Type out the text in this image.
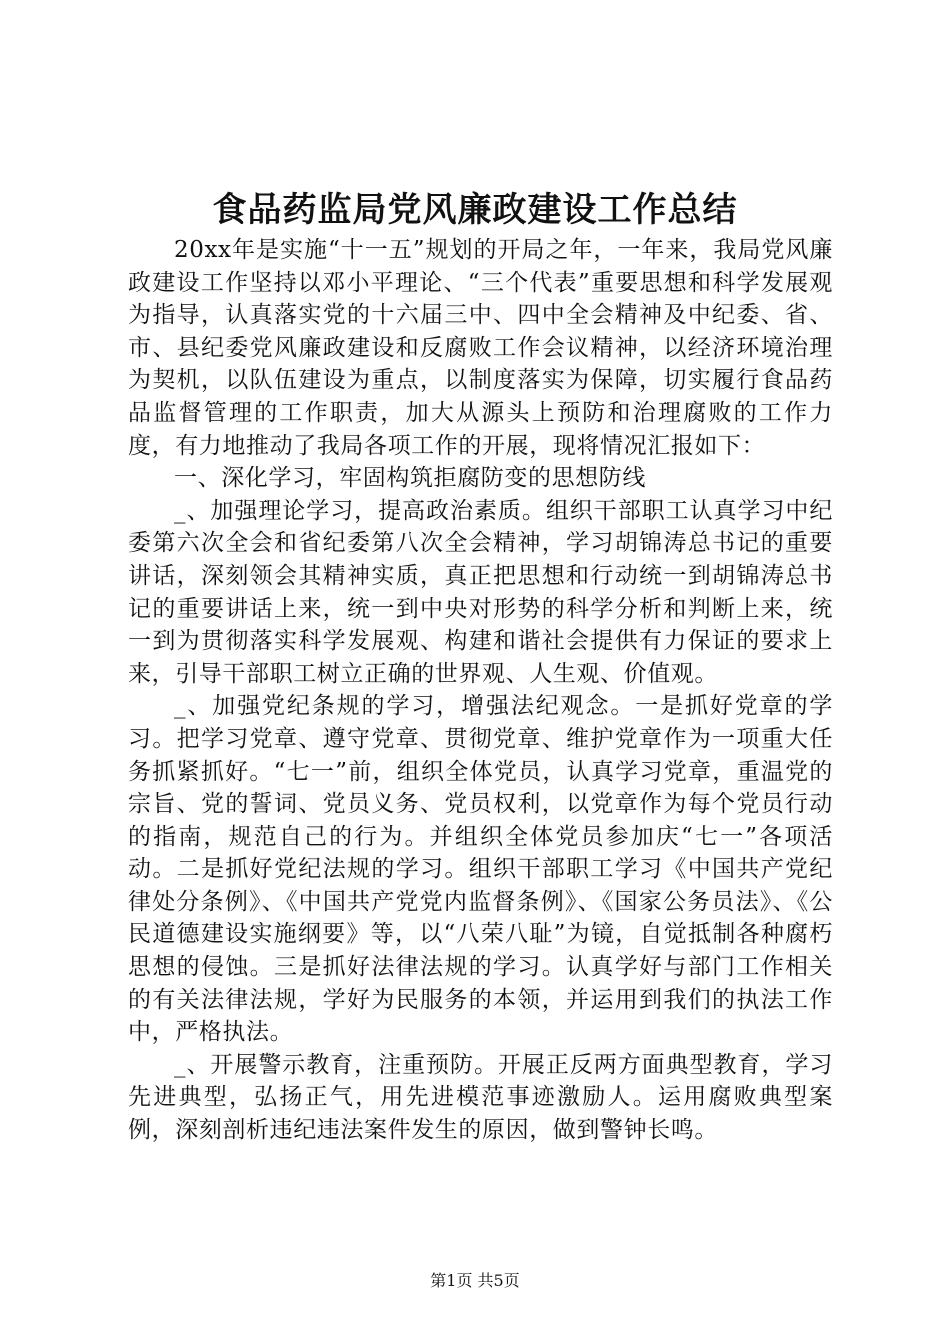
食品药监局党风廉政建设工作总结

20xx年是实施“十一五”规划的开局之年，一年来，我局党风廉政建设工作坚持以邓小平理论、“三个代表”重要思想和科学发展观为指导，认真落实党的十六届三中、四中全会精神及中纪委、省、市、县纪委党风廉政建设和反腐败工作会议精神，以经济环境治理为契机，以队伍建设为重点，以制度落实为保障，切实履行食品药品监督管理的工作职责，加大从源头上预防和治理腐败的工作力度，有力地推动了我局各项工作的开展，现将情况汇报如下：

一、深化学习，牢固构筑拒腐防变的思想防线

_、加强理论学习，提高政治素质。组织干部职工认真学习中纪委第六次全会和省纪委第八次全会精神，学习胡锦涛总书记的重要讲话，深刻领会其精神实质，真正把思想和行动统一到胡锦涛总书记的重要讲话上来，统一到中央对形势的科学分析和判断上来，统一到为贯彻落实科学发展观、构建和谐社会提供有力保证的要求上来，引导干部职工树立正确的世界观、人生观、价值观。

_、加强党纪条规的学习，增强法纪观念。一是抓好党章的学习。把学习党章、遵守党章、贯彻党章、维护党章作为一项重大任务抓紧抓好。“七一”前，组织全体党员，认真学习党章，重温党的宗旨、党的誓词、党员义务、党员权利，以党章作为每个党员行动的指南，规范自己的行为。并组织全体党员参加庆“七一”各项活动。二是抓好党纪法规的学习。组织干部职工学习《中国共产党纪律处分条例》、《中国共产党党内监督条例》、《国家公务员法》、《公民道德建设实施纲要》等，以“八荣八耻”为镜，自觉抵制各种腐朽思想的侵蚀。三是抓好法律法规的学习。认真学好与部门工作相关的有关法律法规，学好为民服务的本领，并运用到我们的执法工作中，严格执法。

_、开展警示教育，注重预防。开展正反两方面典型教育，学习先进典型，弘扬正气，用先进模范事迹激励人。运用腐败典型案例，深刻剖析违纪违法案件发生的原因，做到警钟长鸣。

第1页 共5页
